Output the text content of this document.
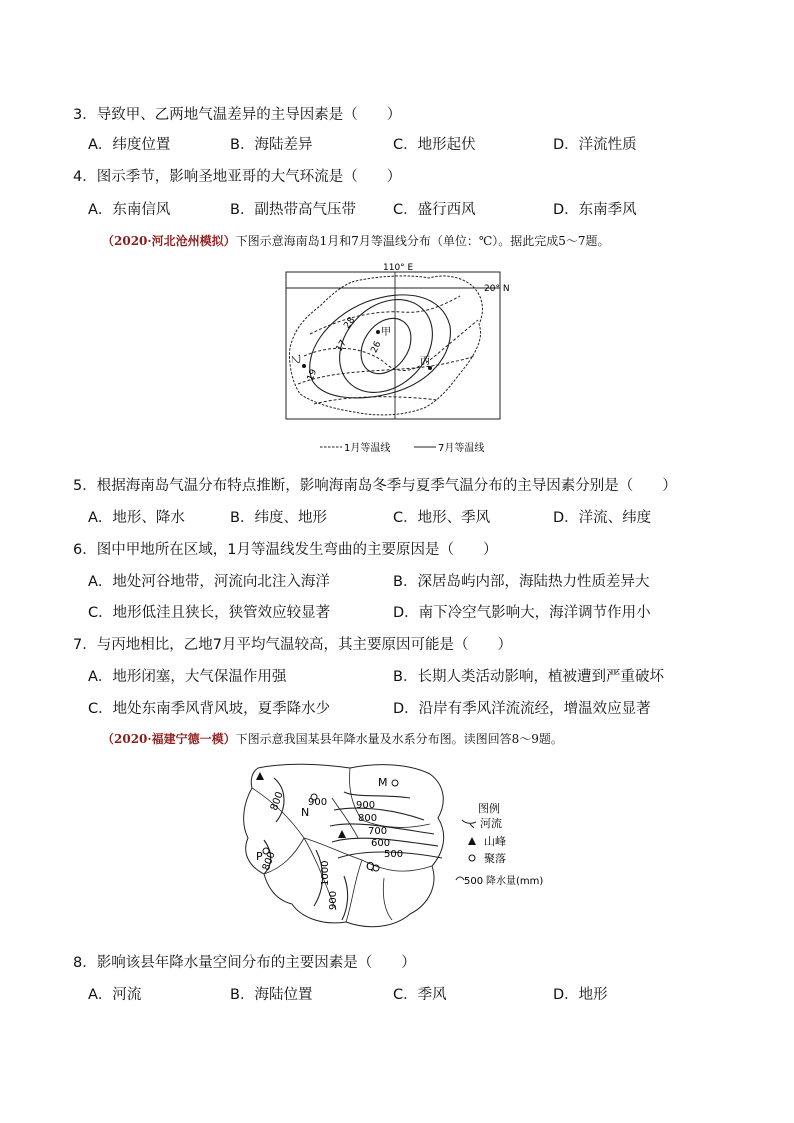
3．导致甲、乙两地气温差异的主导因素是（　　）
A．纬度位置	B．海陆差异	C．地形起伏	D．洋流性质
4．图示季节，影响圣地亚哥的大气环流是（　　）
A．东南信风	B．副热带高气压带	C．盛行西风	D．东南季风
（2020·河北沧州模拟）下图示意海南岛1月和7月等温线分布（单位：℃）。据此完成5～7题。
110° E
20° N
28
17 26
19
甲
乙	丙
1月等温线	7月等温线
5．根据海南岛气温分布特点推断，影响海南岛冬季与夏季气温分布的主导因素分别是（　　）
A．地形、降水	B．纬度、地形	C．地形、季风	D．洋流、纬度
6．图中甲地所在区域，1月等温线发生弯曲的主要原因是（　　）
A．地处河谷地带，河流向北注入海洋	B．深居岛屿内部，海陆热力性质差异大
C．地形低洼且狭长，狭管效应较显著	D．南下冷空气影响大，海洋调节作用小
7．与丙地相比，乙地7月平均气温较高，其主要原因可能是（　　）
A．地形闭塞，大气保温作用强	B．长期人类活动影响，植被遭到严重破坏
C．地处东南季风背风坡，夏季降水少	D．沿岸有季风洋流流经，增温效应显著
（2020·福建宁德一模）下图示意我国某县年降水量及水系分布图。读图回答8～9题。
800 900	900
800
700
600
500
800	1000
900
M
N
P
Q
图例
河流
山峰
聚落
500 降水量(mm)
8．影响该县年降水量空间分布的主要因素是（　　）
A．河流	B．海陆位置	C．季风	D．地形
